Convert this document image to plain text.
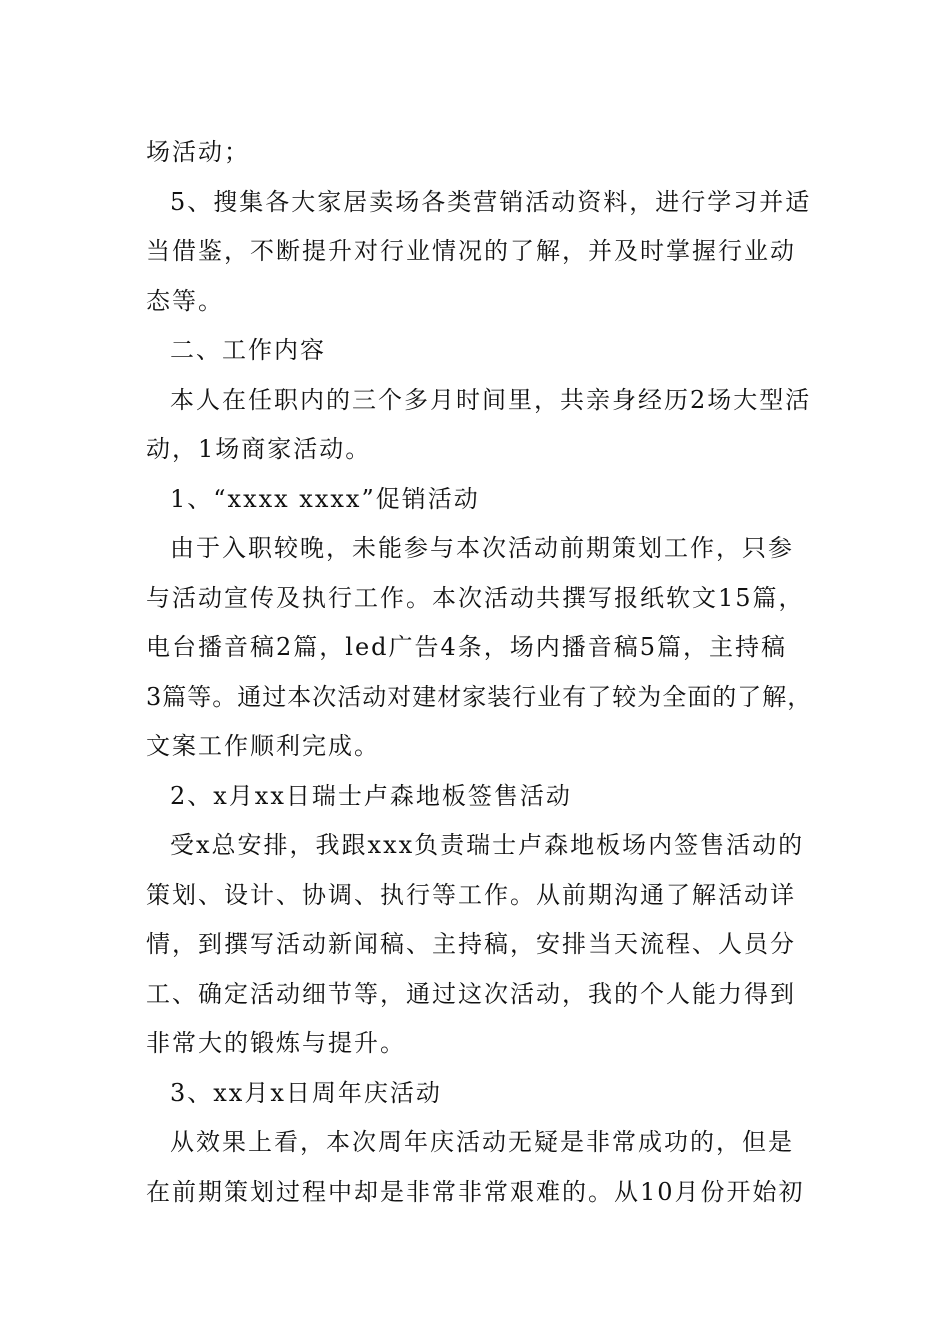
场活动；
5、搜集各大家居卖场各类营销活动资料，进行学习并适
当借鉴，不断提升对行业情况的了解，并及时掌握行业动
态等。
二、工作内容
本人在任职内的三个多月时间里，共亲身经历2场大型活
动，1场商家活动。
1、“xxxx xxxx”促销活动
由于入职较晚，未能参与本次活动前期策划工作，只参
与活动宣传及执行工作。本次活动共撰写报纸软文15篇，
电台播音稿2篇，led广告4条，场内播音稿5篇，主持稿
3篇等。通过本次活动对建材家装行业有了较为全面的了解，
文案工作顺利完成。
2、x月xx日瑞士卢森地板签售活动
受x总安排，我跟xxx负责瑞士卢森地板场内签售活动的
策划、设计、协调、执行等工作。从前期沟通了解活动详
情，到撰写活动新闻稿、主持稿，安排当天流程、人员分
工、确定活动细节等，通过这次活动，我的个人能力得到
非常大的锻炼与提升。
3、xx月x日周年庆活动
从效果上看，本次周年庆活动无疑是非常成功的，但是
在前期策划过程中却是非常非常艰难的。从10月份开始初
